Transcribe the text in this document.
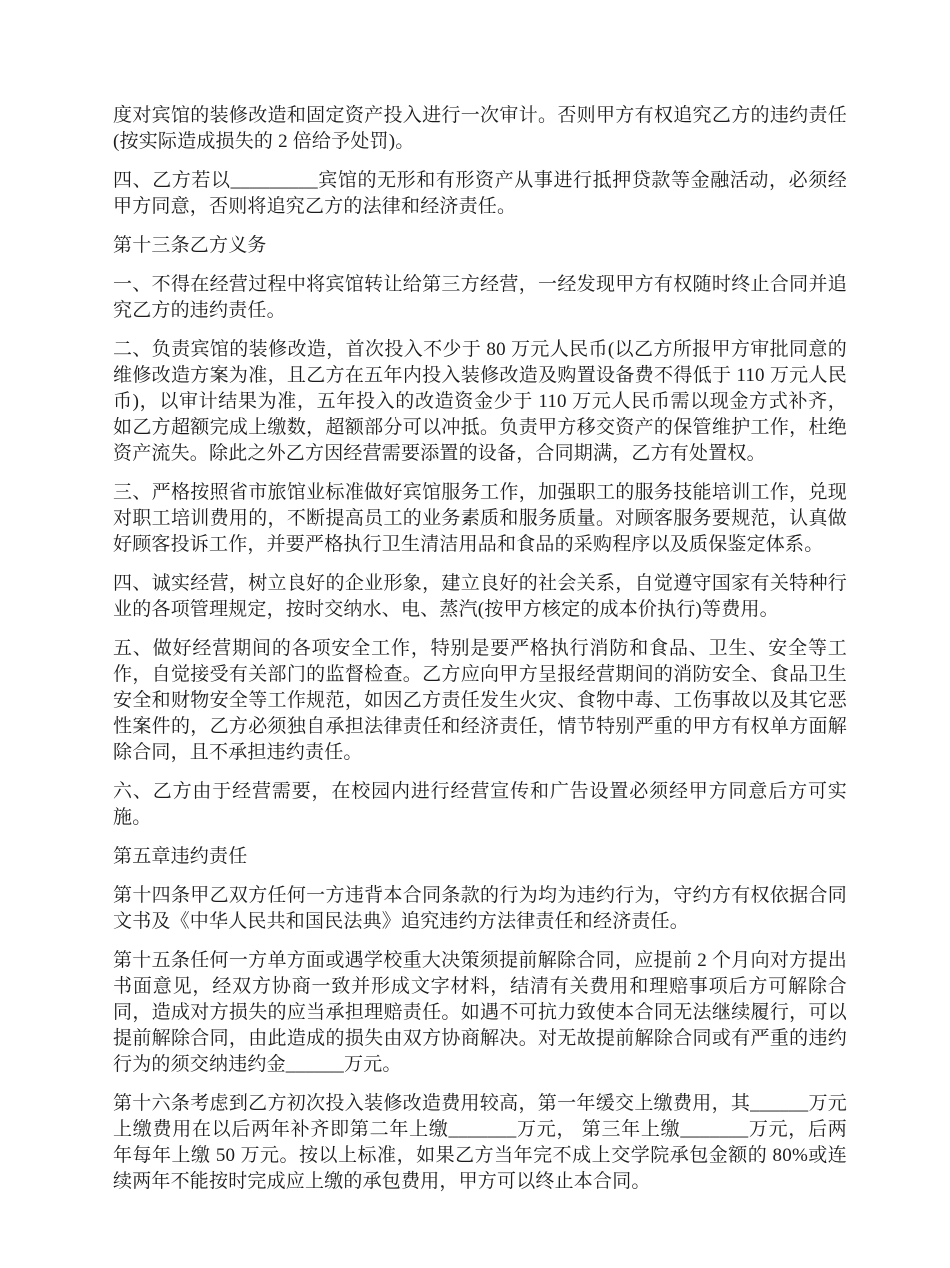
度对宾馆的装修改造和固定资产投入进行一次审计。否则甲方有权追究乙方的违约责任(按实际造成损失的 2 倍给予处罚)。

四、乙方若以_________宾馆的无形和有形资产从事进行抵押贷款等金融活动，必须经甲方同意，否则将追究乙方的法律和经济责任。

第十三条乙方义务

一、不得在经营过程中将宾馆转让给第三方经营，一经发现甲方有权随时终止合同并追究乙方的违约责任。

二、负责宾馆的装修改造，首次投入不少于 80 万元人民币(以乙方所报甲方审批同意的维修改造方案为准，且乙方在五年内投入装修改造及购置设备费不得低于 110 万元人民币)，以审计结果为准，五年投入的改造资金少于 110 万元人民币需以现金方式补齐，如乙方超额完成上缴数，超额部分可以冲抵。负责甲方移交资产的保管维护工作，杜绝资产流失。除此之外乙方因经营需要添置的设备，合同期满，乙方有处置权。

三、严格按照省市旅馆业标准做好宾馆服务工作，加强职工的服务技能培训工作，兑现对职工培训费用的，不断提高员工的业务素质和服务质量。对顾客服务要规范，认真做好顾客投诉工作，并要严格执行卫生清洁用品和食品的采购程序以及质保鉴定体系。

四、诚实经营，树立良好的企业形象，建立良好的社会关系，自觉遵守国家有关特种行业的各项管理规定，按时交纳水、电、蒸汽(按甲方核定的成本价执行)等费用。

五、做好经营期间的各项安全工作，特别是要严格执行消防和食品、卫生、安全等工作，自觉接受有关部门的监督检查。乙方应向甲方呈报经营期间的消防安全、食品卫生安全和财物安全等工作规范，如因乙方责任发生火灾、食物中毒、工伤事故以及其它恶性案件的，乙方必须独自承担法律责任和经济责任，情节特别严重的甲方有权单方面解除合同，且不承担违约责任。

六、乙方由于经营需要，在校园内进行经营宣传和广告设置必须经甲方同意后方可实施。

第五章违约责任

第十四条甲乙双方任何一方违背本合同条款的行为均为违约行为，守约方有权依据合同文书及《中华人民共和国民法典》追究违约方法律责任和经济责任。

第十五条任何一方单方面或遇学校重大决策须提前解除合同，应提前 2 个月向对方提出书面意见，经双方协商一致并形成文字材料，结清有关费用和理赔事项后方可解除合同，造成对方损失的应当承担理赔责任。如遇不可抗力致使本合同无法继续履行，可以提前解除合同，由此造成的损失由双方协商解决。对无故提前解除合同或有严重的违约行为的须交纳违约金______万元。

第十六条考虑到乙方初次投入装修改造费用较高，第一年缓交上缴费用，其______万元上缴费用在以后两年补齐即第二年上缴_______万元， 第三年上缴_______万元，后两年每年上缴 50 万元。按以上标准，如果乙方当年完不成上交学院承包金额的 80%或连续两年不能按时完成应上缴的承包费用，甲方可以终止本合同。
